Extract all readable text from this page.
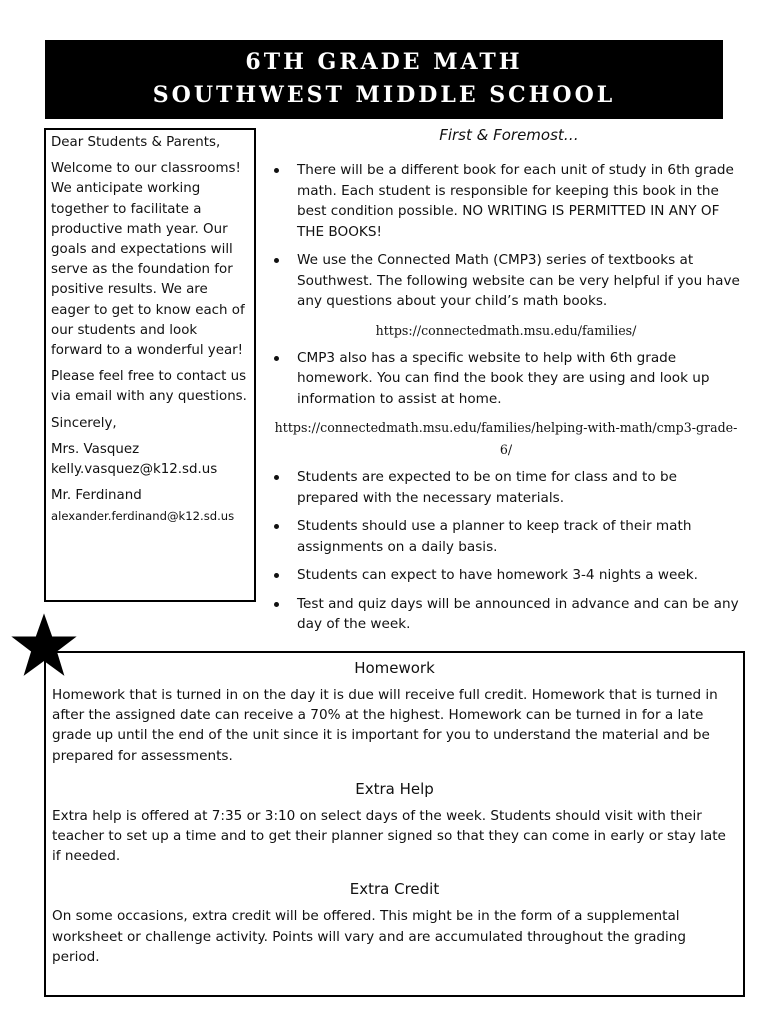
6TH GRADE MATH
SOUTHWEST MIDDLE SCHOOL

Dear Students & Parents,

Welcome to our classrooms! We anticipate working together to facilitate a productive math year. Our goals and expectations will serve as the foundation for positive results. We are eager to get to know each of our students and look forward to a wonderful year!

Please feel free to contact us via email with any questions.

Sincerely,

Mrs. Vasquez
kelly.vasquez@k12.sd.us

Mr. Ferdinand
alexander.ferdinand@k12.sd.us

First & Foremost…
There will be a different book for each unit of study in 6th grade math. Each student is responsible for keeping this book in the best condition possible. NO WRITING IS PERMITTED IN ANY OF THE BOOKS!
We use the Connected Math (CMP3) series of textbooks at Southwest. The following website can be very helpful if you have any questions about your child’s math books.
https://connectedmath.msu.edu/families/
CMP3 also has a specific website to help with 6th grade homework. You can find the book they are using and look up information to assist at home.
https://connectedmath.msu.edu/families/helping-with-math/cmp3-grade-6/
Students are expected to be on time for class and to be prepared with the necessary materials.
Students should use a planner to keep track of their math assignments on a daily basis.
Students can expect to have homework 3-4 nights a week.
Test and quiz days will be announced in advance and can be any day of the week.
Homework

Homework that is turned in on the day it is due will receive full credit. Homework that is turned in after the assigned date can receive a 70% at the highest. Homework can be turned in for a late grade up until the end of the unit since it is important for you to understand the material and be prepared for assessments.

Extra Help

Extra help is offered at 7:35 or 3:10 on select days of the week. Students should visit with their teacher to set up a time and to get their planner signed so that they can come in early or stay late if needed.

Extra Credit

On some occasions, extra credit will be offered. This might be in the form of a supplemental worksheet or challenge activity. Points will vary and are accumulated throughout the grading period.
